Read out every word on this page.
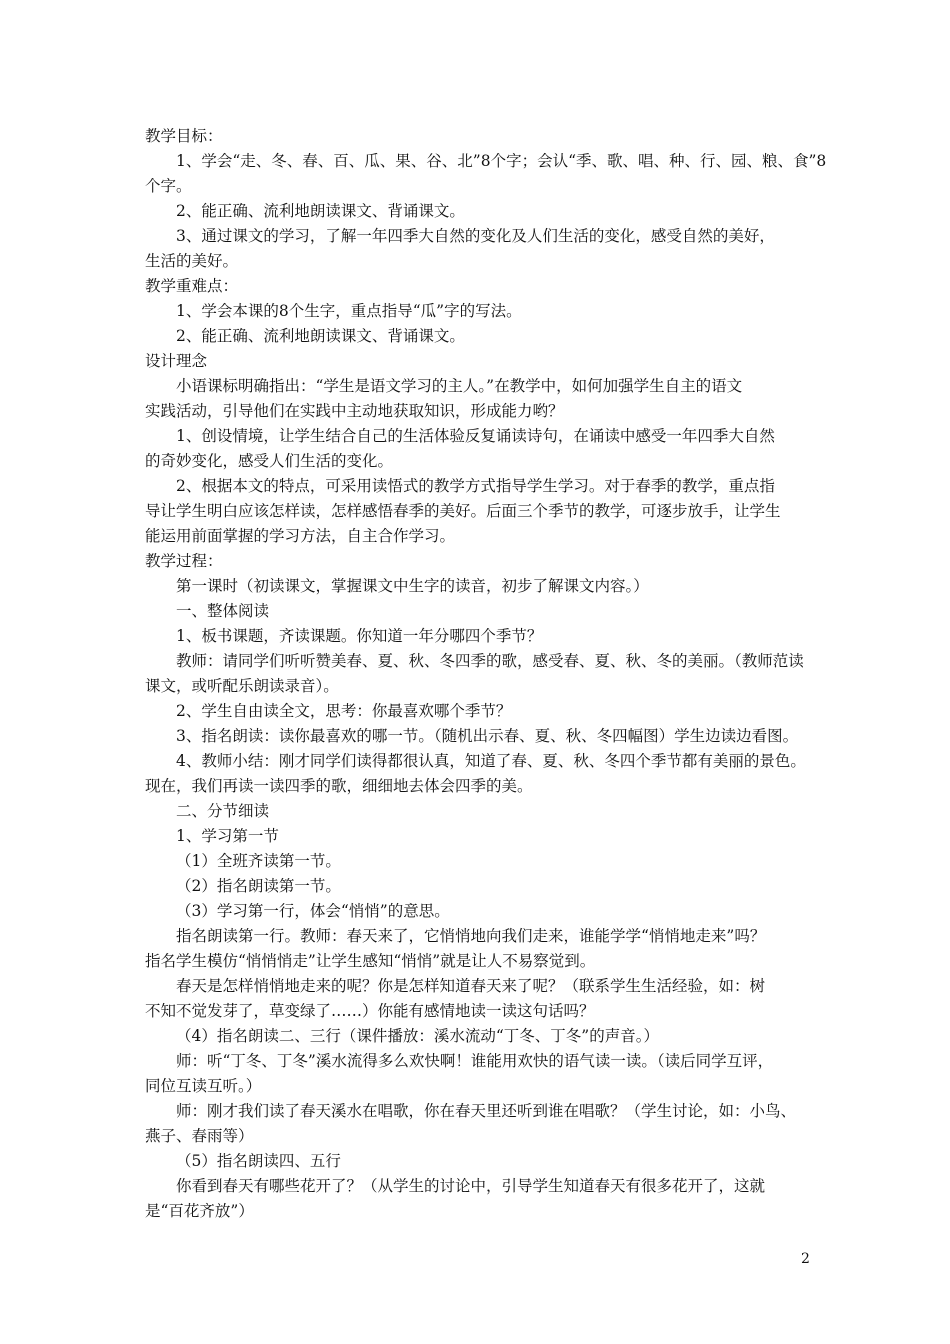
教学目标：
1、学会“走、冬、春、百、瓜、果、谷、北”8个字；会认“季、歌、唱、种、行、园、粮、食”8
个字。
2、能正确、流利地朗读课文、背诵课文。
3、通过课文的学习，了解一年四季大自然的变化及人们生活的变化，感受自然的美好，
生活的美好。
教学重难点：
1、学会本课的8个生字，重点指导“瓜”字的写法。
2、能正确、流利地朗读课文、背诵课文。
设计理念
小语课标明确指出：“学生是语文学习的主人。”在教学中，如何加强学生自主的语文
实践活动，引导他们在实践中主动地获取知识，形成能力哟？
1、创设情境，让学生结合自己的生活体验反复诵读诗句，在诵读中感受一年四季大自然
的奇妙变化，感受人们生活的变化。
2、根据本文的特点，可采用读悟式的教学方式指导学生学习。对于春季的教学，重点指
导让学生明白应该怎样读，怎样感悟春季的美好。后面三个季节的教学，可逐步放手，让学生
能运用前面掌握的学习方法，自主合作学习。
教学过程：
第一课时（初读课文，掌握课文中生字的读音，初步了解课文内容。）
一、整体阅读
1、板书课题，齐读课题。你知道一年分哪四个季节？
教师：请同学们听听赞美春、夏、秋、冬四季的歌，感受春、夏、秋、冬的美丽。（教师范读
课文，或听配乐朗读录音）。
2、学生自由读全文，思考：你最喜欢哪个季节？
3、指名朗读：读你最喜欢的哪一节。（随机出示春、夏、秋、冬四幅图）学生边读边看图。
4、教师小结：刚才同学们读得都很认真，知道了春、夏、秋、冬四个季节都有美丽的景色。
现在，我们再读一读四季的歌，细细地去体会四季的美。
二、分节细读
1、学习第一节
（1）全班齐读第一节。
（2）指名朗读第一节。
（3）学习第一行，体会“悄悄”的意思。
指名朗读第一行。教师：春天来了，它悄悄地向我们走来，谁能学学“悄悄地走来”吗？
指名学生模仿“悄悄悄走”让学生感知“悄悄”就是让人不易察觉到。
春天是怎样悄悄地走来的呢？你是怎样知道春天来了呢？（联系学生生活经验，如：树
不知不觉发芽了，草变绿了……）你能有感情地读一读这句话吗？
（4）指名朗读二、三行（课件播放：溪水流动“丁冬、丁冬”的声音。）
师：听“丁冬、丁冬”溪水流得多么欢快啊！谁能用欢快的语气读一读。（读后同学互评，
同位互读互听。）
师：刚才我们读了春天溪水在唱歌，你在春天里还听到谁在唱歌？（学生讨论，如：小鸟、
燕子、春雨等）
（5）指名朗读四、五行
你看到春天有哪些花开了？（从学生的讨论中，引导学生知道春天有很多花开了，这就
是“百花齐放”）
2
